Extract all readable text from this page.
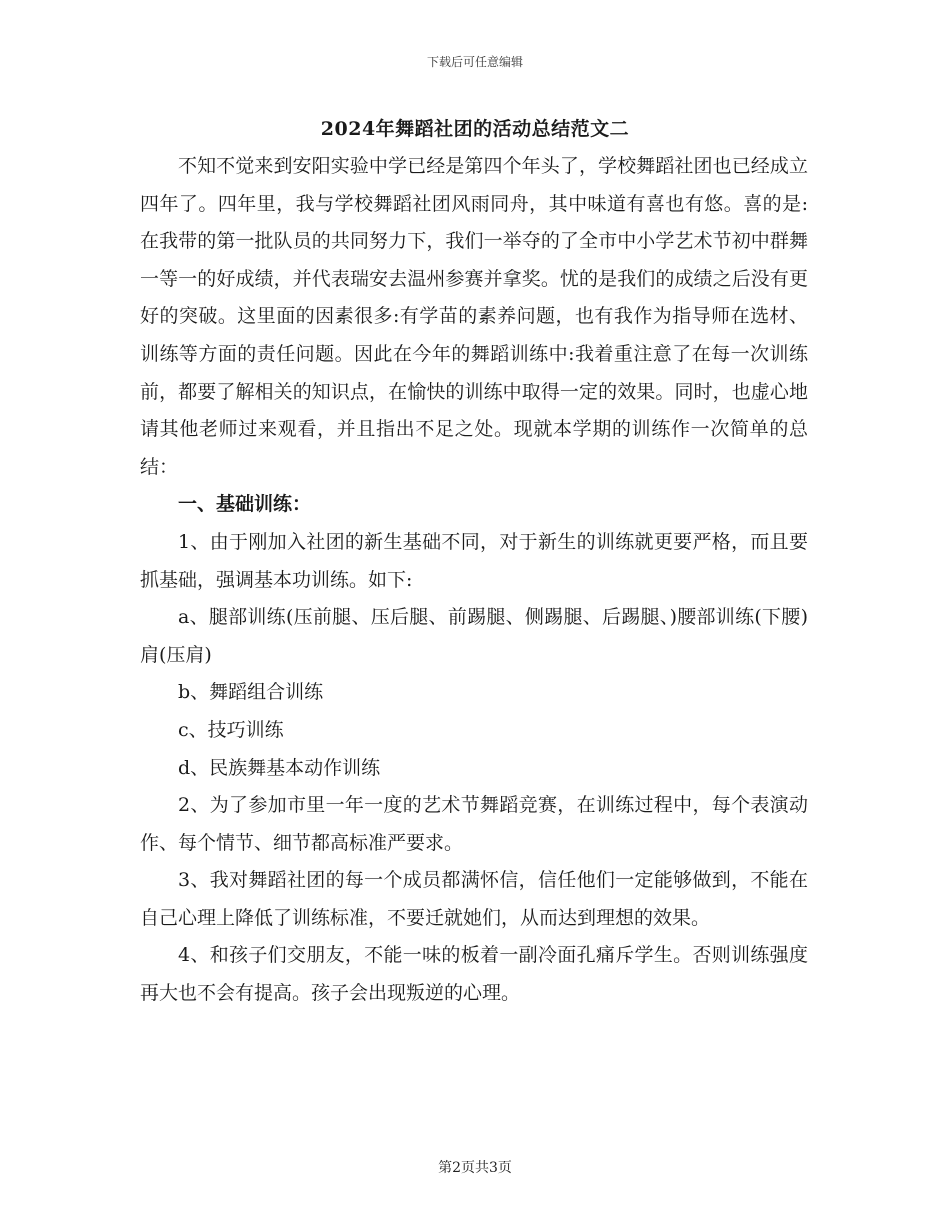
下载后可任意编辑
2024年舞蹈社团的活动总结范文二

不知不觉来到安阳实验中学已经是第四个年头了，学校舞蹈社团也已经成立四年了。四年里，我与学校舞蹈社团风雨同舟，其中味道有喜也有悠。喜的是:在我带的第一批队员的共同努力下，我们一举夺的了全市中小学艺术节初中群舞一等一的好成绩，并代表瑞安去温州参赛并拿奖。忧的是我们的成绩之后没有更好的突破。这里面的因素很多:有学苗的素养问题，也有我作为指导师在选材、训练等方面的责任问题。因此在今年的舞蹈训练中:我着重注意了在每一次训练前，都要了解相关的知识点，在愉快的训练中取得一定的效果。同时，也虚心地请其他老师过来观看，并且指出不足之处。现就本学期的训练作一次简单的总结：

一、基础训练：

1、由于刚加入社团的新生基础不同，对于新生的训练就更要严格，而且要抓基础，强调基本功训练。如下:

a、腿部训练(压前腿、压后腿、前踢腿、侧踢腿、后踢腿、)腰部训练(下腰)肩(压肩)

b、舞蹈组合训练

c、技巧训练

d、民族舞基本动作训练

2、为了参加市里一年一度的艺术节舞蹈竞赛，在训练过程中，每个表演动作、每个情节、细节都高标准严要求。

3、我对舞蹈社团的每一个成员都满怀信，信任他们一定能够做到，不能在自己心理上降低了训练标准，不要迁就她们，从而达到理想的效果。

4、和孩子们交朋友，不能一味的板着一副冷面孔痛斥学生。否则训练强度再大也不会有提高。孩子会出现叛逆的心理。

第2页共3页
